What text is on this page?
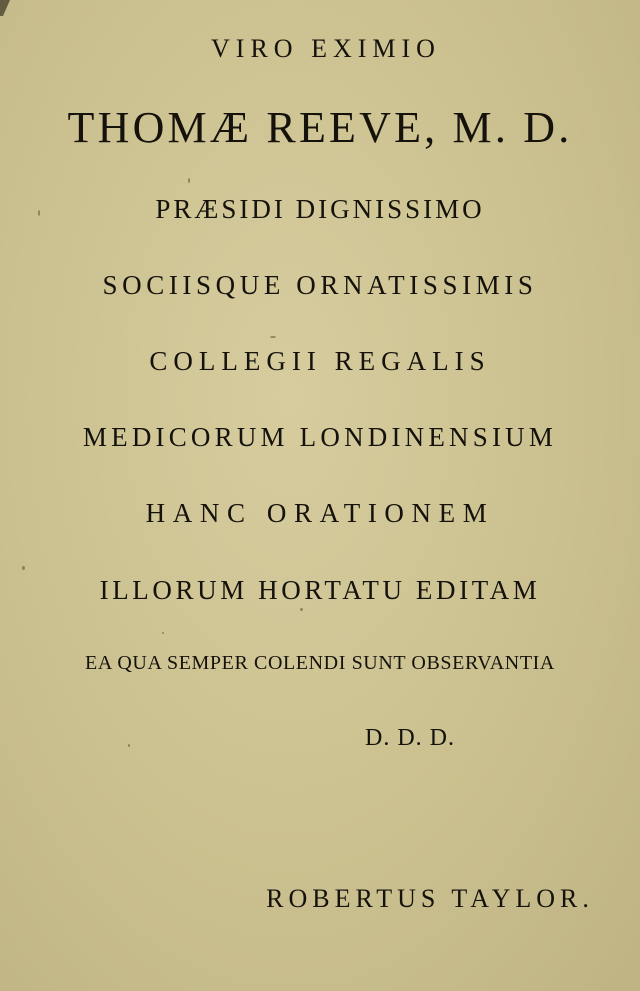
VIRO EXIMIO
THOMÆ REEVE, M. D.
PRÆSIDI DIGNISSIMO
SOCIISQUE ORNATISSIMIS
COLLEGII REGALIS
MEDICORUM LONDINENSIUM
HANC ORATIONEM
ILLORUM HORTATU EDITAM
EA QUA SEMPER COLENDI SUNT OBSERVANTIA
D. D. D.
ROBERTUS TAYLOR.
